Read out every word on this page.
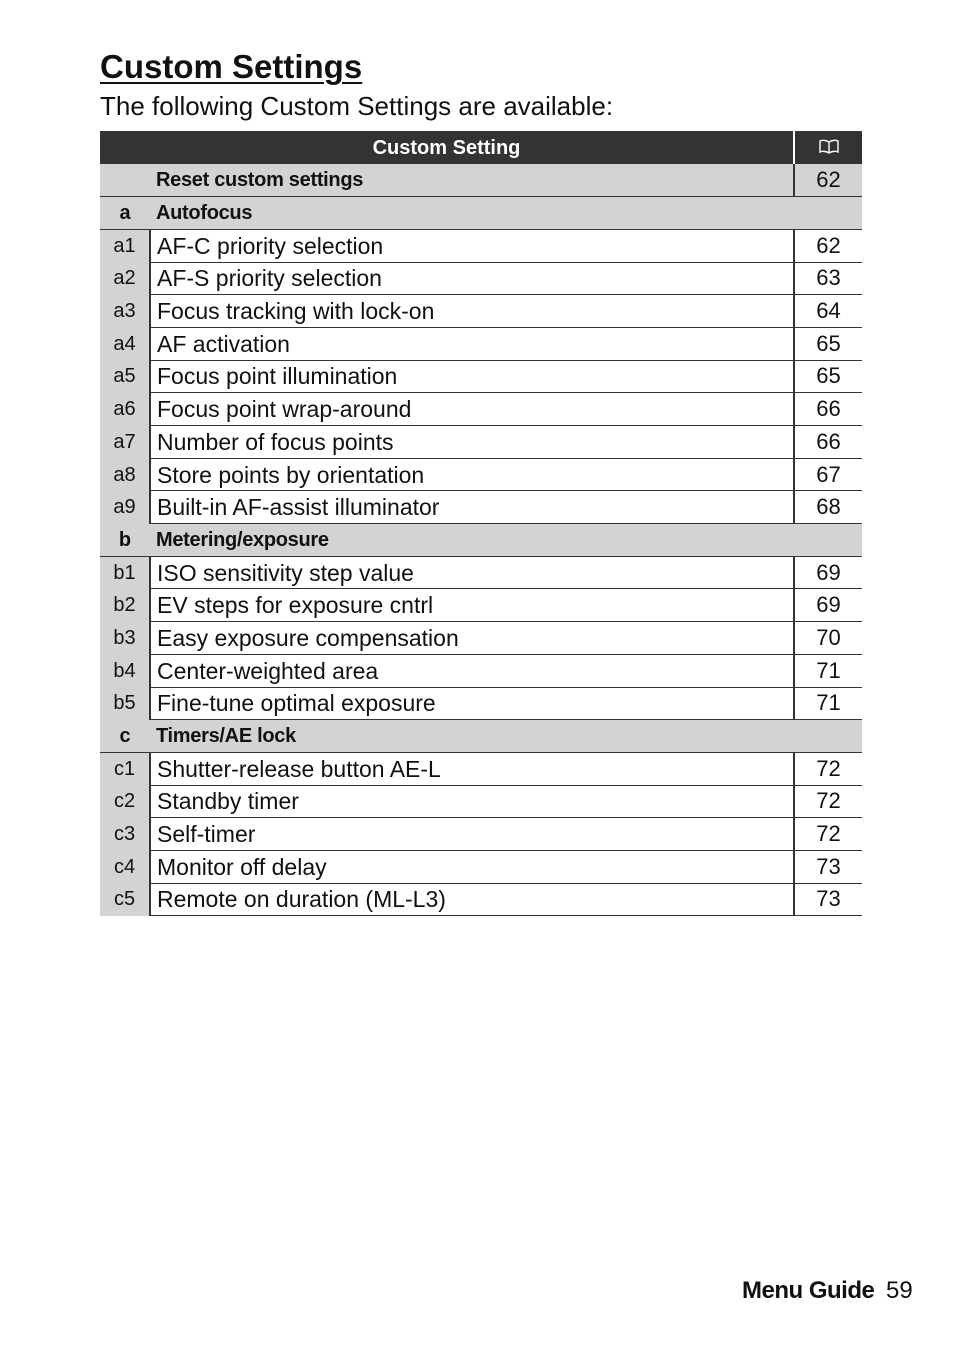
Custom Settings
The following Custom Settings are available:
Custom Setting	
	Reset custom settings	62
a	Autofocus	
a1	AF-C priority selection	62
a2	AF-S priority selection	63
a3	Focus tracking with lock-on	64
a4	AF activation	65
a5	Focus point illumination	65
a6	Focus point wrap-around	66
a7	Number of focus points	66
a8	Store points by orientation	67
a9	Built-in AF-assist illuminator	68
b	Metering/exposure	
b1	ISO sensitivity step value	69
b2	EV steps for exposure cntrl	69
b3	Easy exposure compensation	70
b4	Center-weighted area	71
b5	Fine-tune optimal exposure	71
c	Timers/AE lock	
c1	Shutter-release button AE-L	72
c2	Standby timer	72
c3	Self-timer	72
c4	Monitor off delay	73
c5	Remote on duration (ML-L3)	73
Menu Guide 59
